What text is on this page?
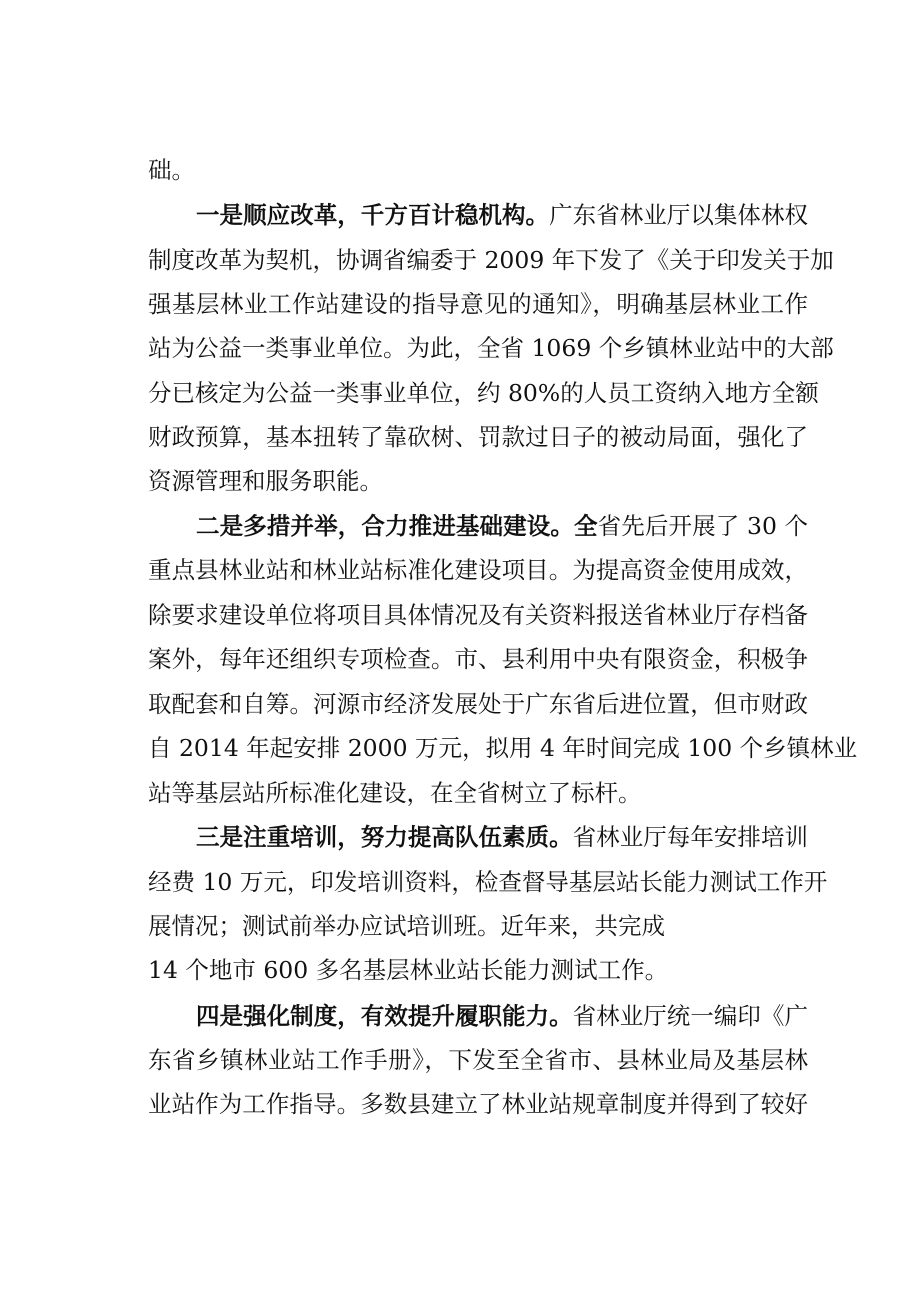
础。
一是顺应改革，千方百计稳机构。广东省林业厅以集体林权
制度改革为契机，协调省编委于 2009 年下发了《关于印发关于加
强基层林业工作站建设的指导意见的通知》，明确基层林业工作
站为公益一类事业单位。为此，全省 1069 个乡镇林业站中的大部
分已核定为公益一类事业单位，约 80%的人员工资纳入地方全额
财政预算，基本扭转了靠砍树、罚款过日子的被动局面，强化了
资源管理和服务职能。
二是多措并举，合力推进基础建设。全省先后开展了 30 个
重点县林业站和林业站标准化建设项目。为提高资金使用成效，
除要求建设单位将项目具体情况及有关资料报送省林业厅存档备
案外，每年还组织专项检查。市、县利用中央有限资金，积极争
取配套和自筹。河源市经济发展处于广东省后进位置，但市财政
自 2014 年起安排 2000 万元，拟用 4 年时间完成 100 个乡镇林业
站等基层站所标准化建设，在全省树立了标杆。
三是注重培训，努力提高队伍素质。省林业厅每年安排培训
经费 10 万元，印发培训资料，检查督导基层站长能力测试工作开
展情况；测试前举办应试培训班。近年来，共完成
14 个地市 600 多名基层林业站长能力测试工作。
四是强化制度，有效提升履职能力。省林业厅统一编印《广
东省乡镇林业站工作手册》，下发至全省市、县林业局及基层林
业站作为工作指导。多数县建立了林业站规章制度并得到了较好
